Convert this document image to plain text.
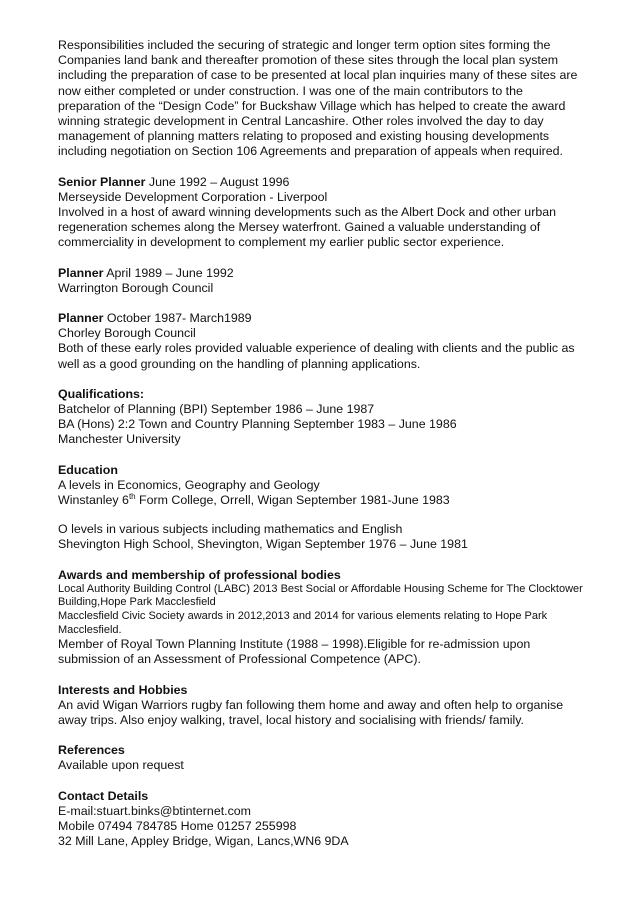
Responsibilities included the securing of strategic and longer term option sites forming the Companies land bank and thereafter promotion of these sites through the local plan system including the preparation of case to be presented at local plan inquiries many of these sites are now either completed or under construction. I was one of the main contributors to the preparation of the “Design Code” for Buckshaw Village which has helped to create the award winning strategic development in Central Lancashire. Other roles involved the day to day management of planning matters relating to proposed and existing housing developments including negotiation on Section 106 Agreements and preparation of appeals when required.

Senior Planner June 1992 – August 1996

Merseyside Development Corporation - Liverpool

Involved in a host of award winning developments such as the Albert Dock and other urban regeneration schemes along the Mersey waterfront. Gained a valuable understanding of commerciality in development to complement my earlier public sector experience.

Planner April 1989 – June 1992

Warrington Borough Council

Planner October 1987- March1989

Chorley Borough Council

Both of these early roles provided valuable experience of dealing with clients and the public as well as a good grounding on the handling of planning applications.

Qualifications:

Batchelor of Planning (BPI) September 1986 – June 1987

BA (Hons) 2:2 Town and Country Planning September 1983 – June 1986

Manchester University

Education

A levels in Economics, Geography and Geology

Winstanley 6th Form College, Orrell, Wigan September 1981-June 1983

O levels in various subjects including mathematics and English

Shevington High School, Shevington, Wigan September 1976 – June 1981

Awards and membership of professional bodies

Local Authority Building Control (LABC) 2013 Best Social or Affordable Housing Scheme for The Clocktower Building,Hope Park Macclesfield

Macclesfield Civic Society awards in 2012,2013 and 2014 for various elements relating to Hope Park Macclesfield.

Member of Royal Town Planning Institute (1988 – 1998).Eligible for re-admission upon submission of an Assessment of Professional Competence (APC).

Interests and Hobbies

An avid Wigan Warriors rugby fan following them home and away and often help to organise away trips. Also enjoy walking, travel, local history and socialising with friends/ family.

References

Available upon request

Contact Details

E-mail:stuart.binks@btinternet.com

Mobile 07494 784785 Home 01257 255998

32 Mill Lane, Appley Bridge, Wigan, Lancs,WN6 9DA
